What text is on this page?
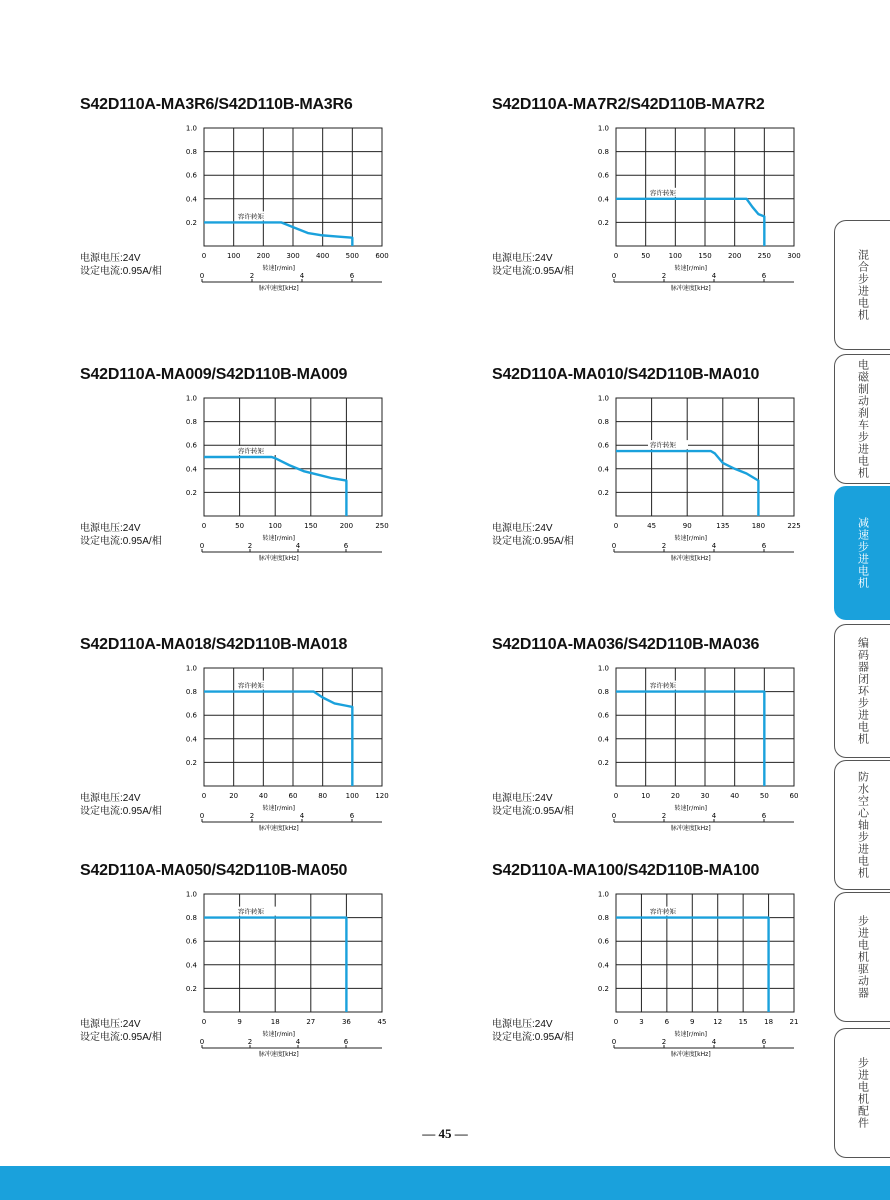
S42D110A-MA3R6/S42D110B-MA3R6
电源电压:24V
设定电流:0.95A/相
0	100 200 300 400 500 600
0.2
0.4
0.6
0.8
1.0
转速[r/min]
0	2	4	6
脉冲速度[kHz]
容许转矩
S42D110A-MA7R2/S42D110B-MA7R2
电源电压:24V
设定电流:0.95A/相
0	50	100 150 200 250 300
0.2
0.4
0.6
0.8
1.0
转速[r/min]
0	2	4	6
脉冲速度[kHz]
容许转矩
S42D110A-MA009/S42D110B-MA009
电源电压:24V
设定电流:0.95A/相
0	50	100	150	200	250
0.2
0.4
0.6
0.8
1.0
转速[r/min]
0	2	4	6
脉冲速度[kHz]
容许转矩
S42D110A-MA010/S42D110B-MA010
电源电压:24V
设定电流:0.95A/相
0	45	90	135	180	225
0.2
0.4
0.6
0.8
1.0
转速[r/min]
0	2	4	6
脉冲速度[kHz]
容许转矩
S42D110A-MA018/S42D110B-MA018
电源电压:24V
设定电流:0.95A/相
0	20	40	60	80	100 120
0.2
0.4
0.6
0.8
1.0
转速[r/min]
0	2	4	6
脉冲速度[kHz]
容许转矩
S42D110A-MA036/S42D110B-MA036
电源电压:24V
设定电流:0.95A/相
0	10	20	30	40	50	60
0.2
0.4
0.6
0.8
1.0
转速[r/min]
0	2	4	6
脉冲速度[kHz]
容许转矩
S42D110A-MA050/S42D110B-MA050
电源电压:24V
设定电流:0.95A/相
0	9	18	27	36	45
0.2
0.4
0.6
0.8
1.0
转速[r/min]
0	2	4	6
脉冲速度[kHz]
容许转矩
S42D110A-MA100/S42D110B-MA100
电源电压:24V
设定电流:0.95A/相
0	3	6	9	12 15 18 21
0.2
0.4
0.6
0.8
1.0
转速[r/min]
0	2	4	6
脉冲速度[kHz]
容许转矩
混合步进电机
电磁制动刹车步进电机
减速步进电机
编码器闭环步进电机
防水空心轴步进电机
步进电机驱动器
步进电机配件
— 45 —
